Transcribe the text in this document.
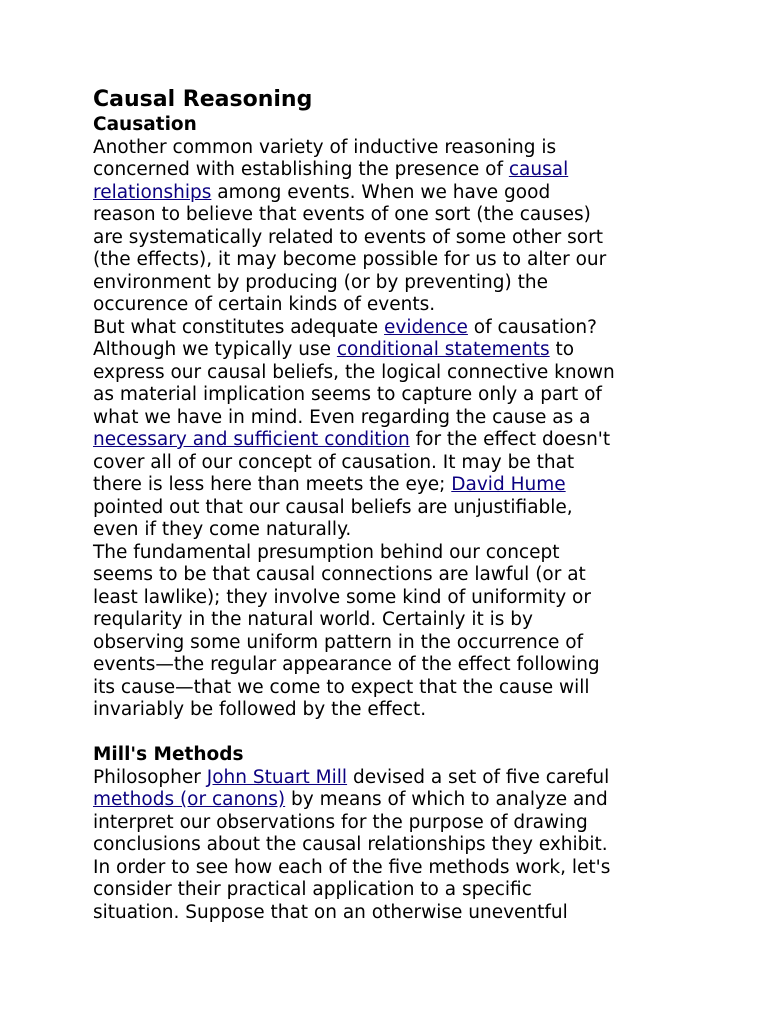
Causal Reasoning
Causation

Another common variety of inductive reasoning is

concerned with establishing the presence of causal

relationships among events. When we have good

reason to believe that events of one sort (the causes)

are systematically related to events of some other sort

(the effects), it may become possible for us to alter our

environment by producing (or by preventing) the

occurence of certain kinds of events.

But what constitutes adequate evidence of causation?

Although we typically use conditional statements to

express our causal beliefs, the logical connective known

as material implication seems to capture only a part of

what we have in mind. Even regarding the cause as a

necessary and sufficient condition for the effect doesn't

cover all of our concept of causation. It may be that

there is less here than meets the eye; David Hume

pointed out that our causal beliefs are unjustifiable,

even if they come naturally.

The fundamental presumption behind our concept

seems to be that causal connections are lawful (or at

least lawlike); they involve some kind of uniformity or

reqularity in the natural world. Certainly it is by

observing some uniform pattern in the occurrence of

events—the regular appearance of the effect following

its cause—that we come to expect that the cause will

invariably be followed by the effect.

Mill's Methods

Philosopher John Stuart Mill devised a set of five careful

methods (or canons) by means of which to analyze and

interpret our observations for the purpose of drawing

conclusions about the causal relationships they exhibit.

In order to see how each of the five methods work, let's

consider their practical application to a specific

situation. Suppose that on an otherwise uneventful
